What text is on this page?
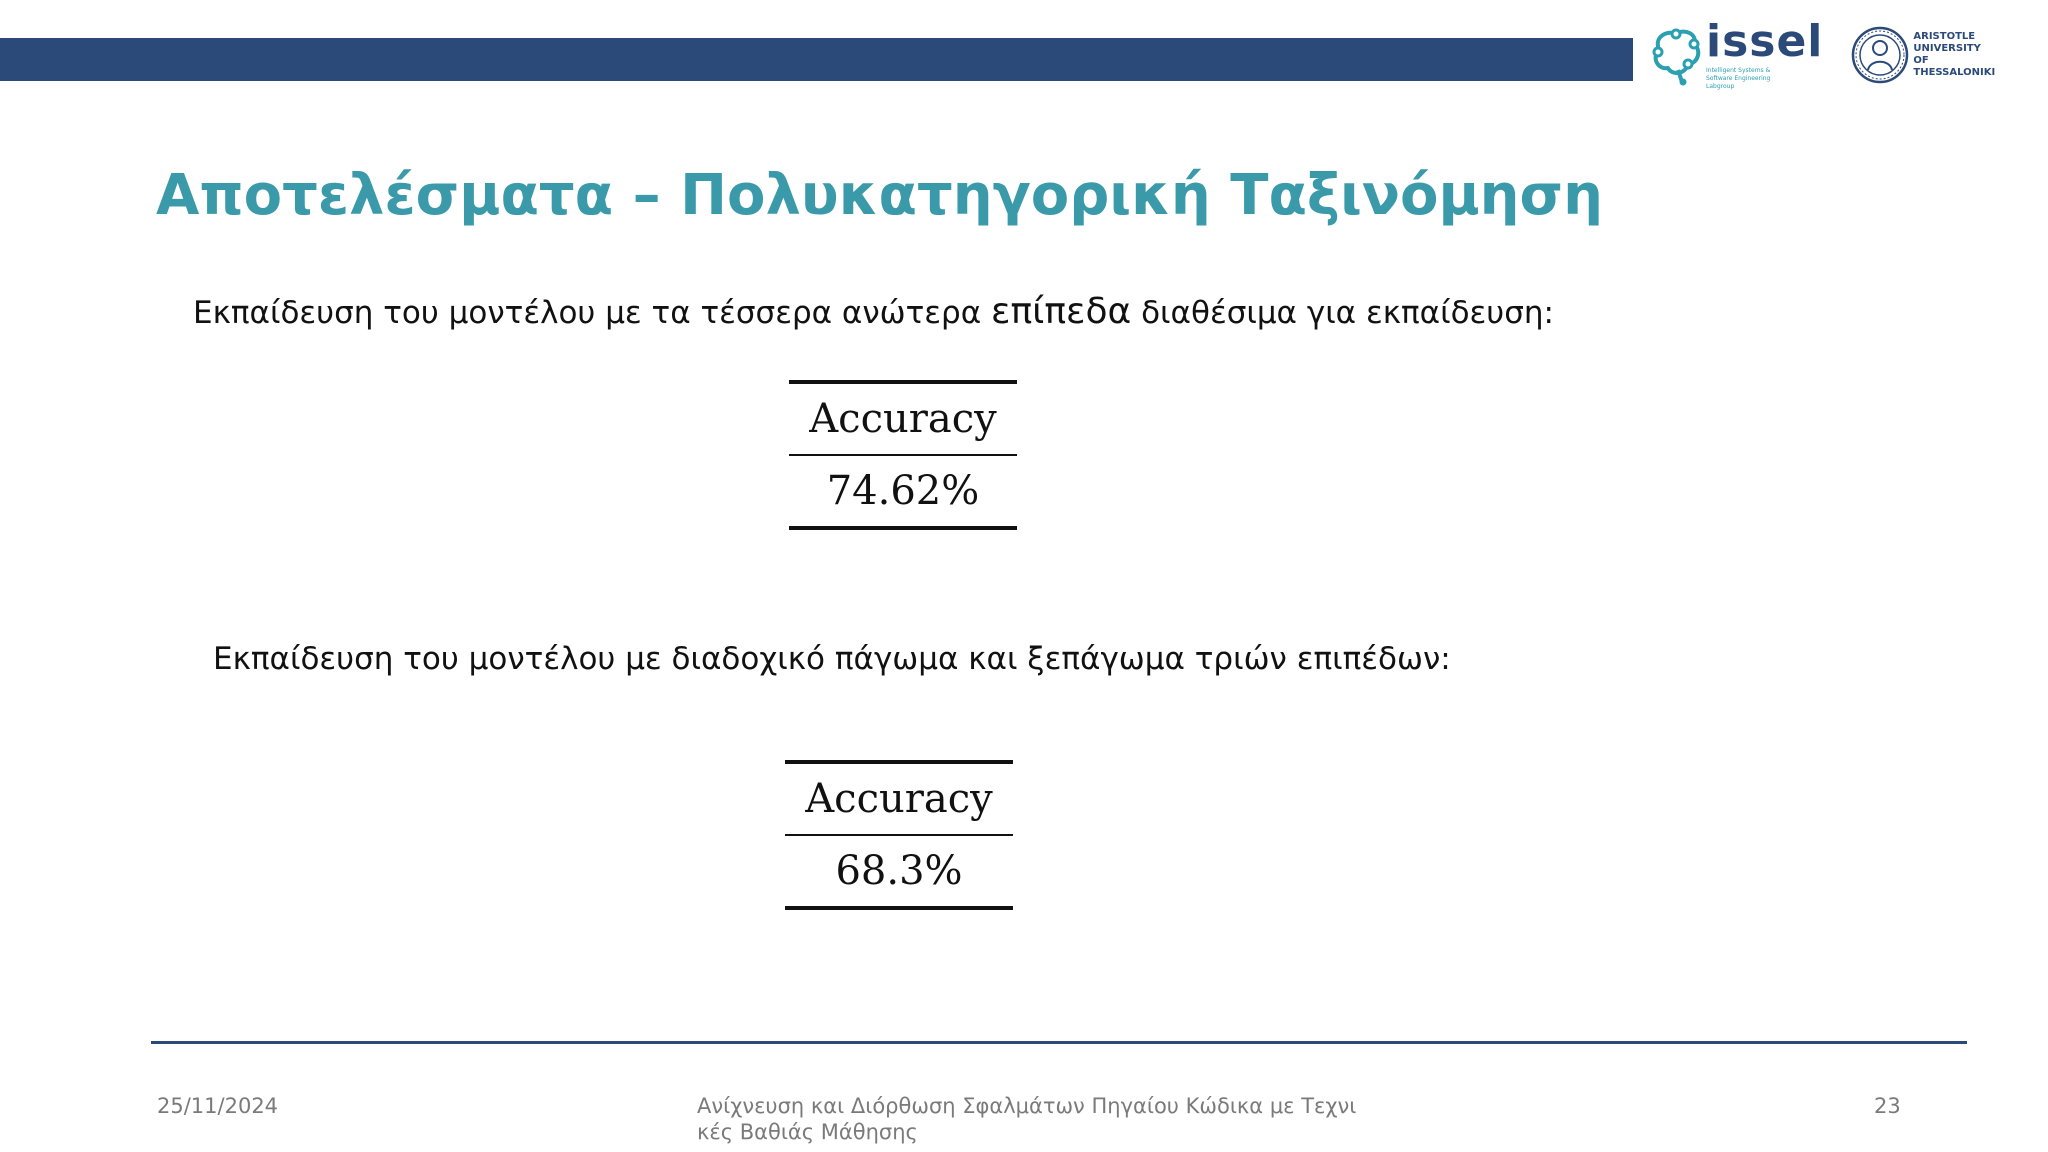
issel
Intelligent Systems & Software Engineering Labgroup
ARISTOTLE
UNIVERSITY OF
THESSALONIKI
Αποτελέσματα – Πολυκατηγορική Ταξινόμηση

Εκπαίδευση του μοντέλου με τα τέσσερα ανώτερα επίπεδα διαθέσιμα για εκπαίδευση:

Accuracy
74.62%

Εκπαίδευση του μοντέλου με διαδοχικό πάγωμα και ξεπάγωμα τριών επιπέδων:

Accuracy
68.3%
25/11/2024	Ανίχνευση και Διόρθωση Σφαλμάτων Πηγαίου Κώδικα με Τεχνι
κές Βαθιάς Μάθησης
23
